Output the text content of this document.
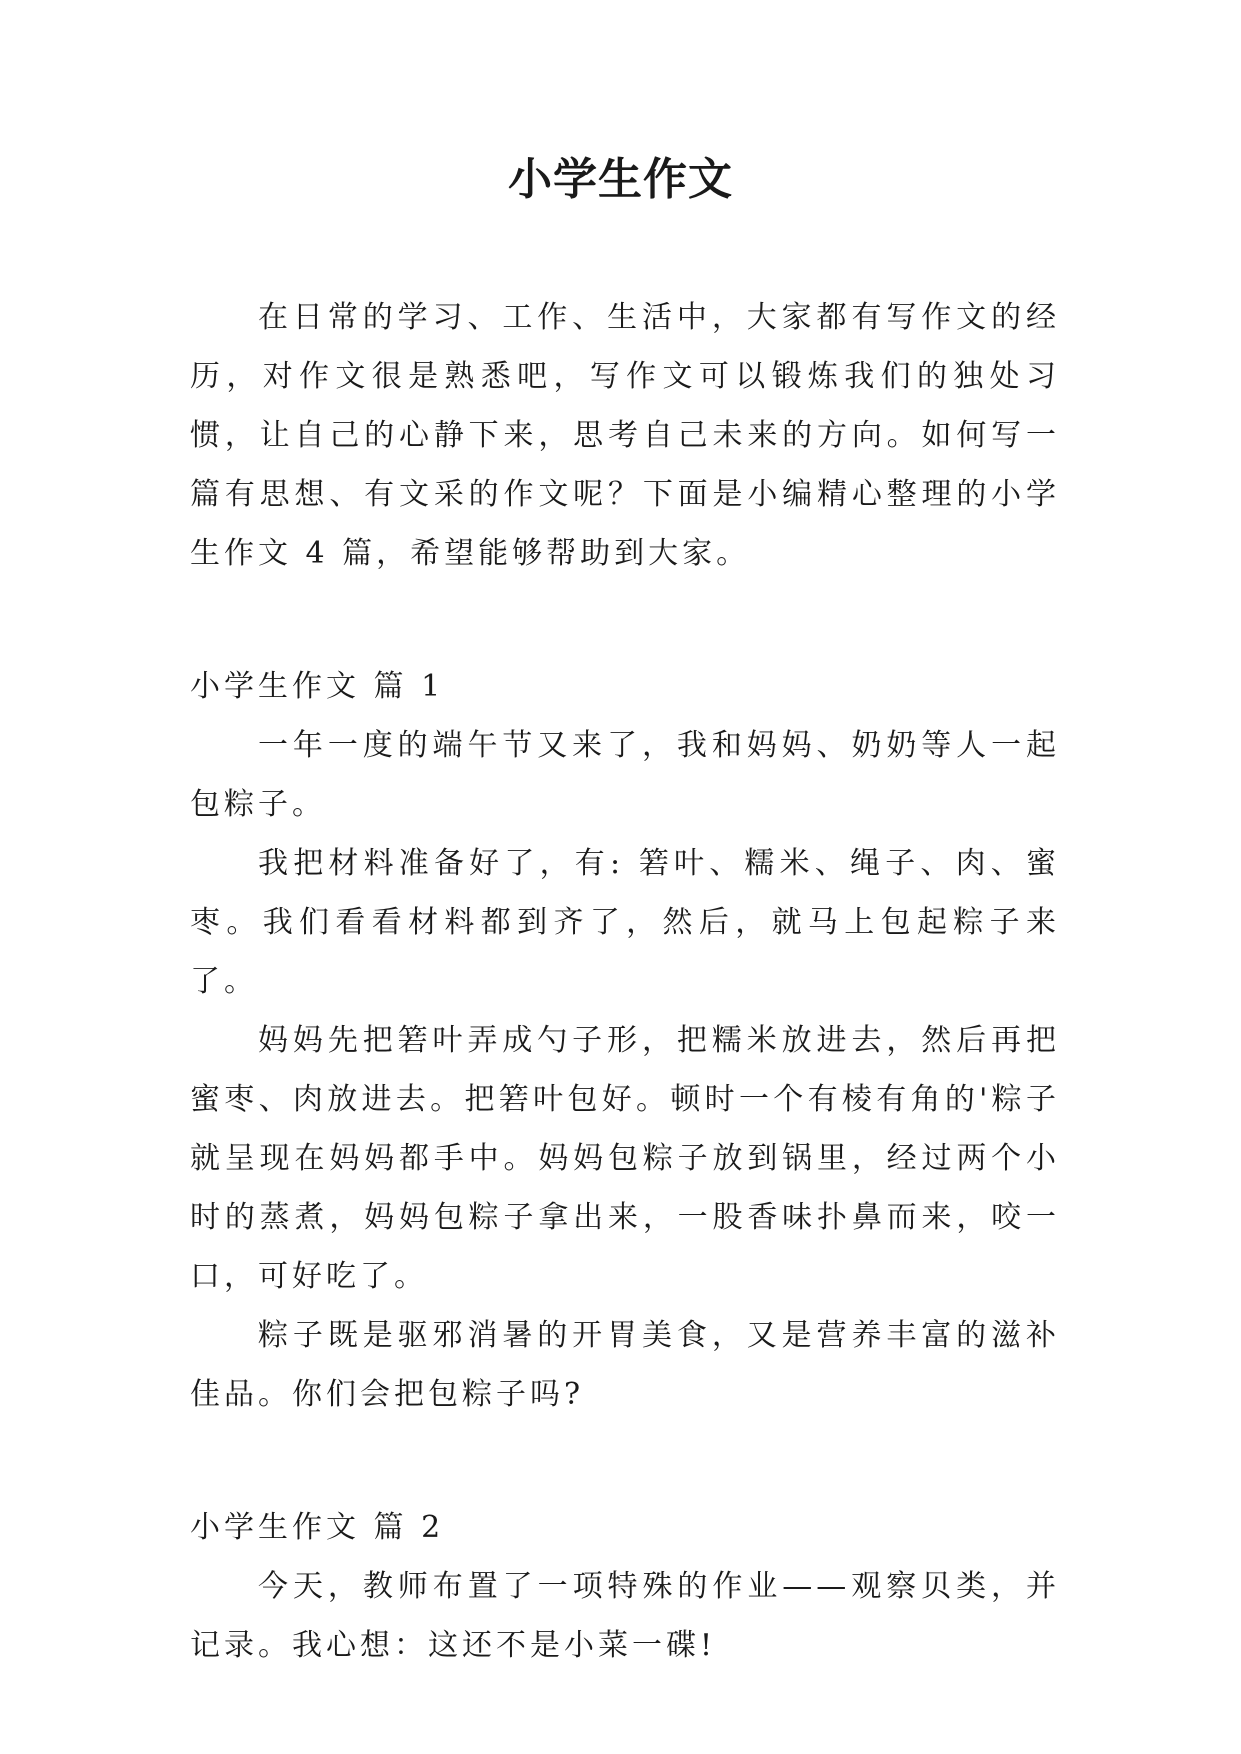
小学生作文

在日常的学习、工作、生活中，大家都有写作文的经历，对作文很是熟悉吧，写作文可以锻炼我们的独处习惯，让自己的心静下来，思考自己未来的方向。如何写一篇有思想、有文采的作文呢？下面是小编精心整理的小学生作文 4 篇，希望能够帮助到大家。

小学生作文 篇 1

一年一度的端午节又来了，我和妈妈、奶奶等人一起包粽子。

我把材料准备好了，有: 箬叶、糯米、绳子、肉、蜜枣。我们看看材料都到齐了，然后，就马上包起粽子来了。

妈妈先把箬叶弄成勺子形，把糯米放进去，然后再把蜜枣、肉放进去。把箬叶包好。顿时一个有棱有角的'粽子就呈现在妈妈都手中。妈妈包粽子放到锅里，经过两个小时的蒸煮，妈妈包粽子拿出来，一股香味扑鼻而来，咬一口，可好吃了。

粽子既是驱邪消暑的开胃美食，又是营养丰富的滋补佳品。你们会把包粽子吗?

小学生作文 篇 2

今天，教师布置了一项特殊的作业——观察贝类，并记录。我心想：这还不是小菜一碟!
